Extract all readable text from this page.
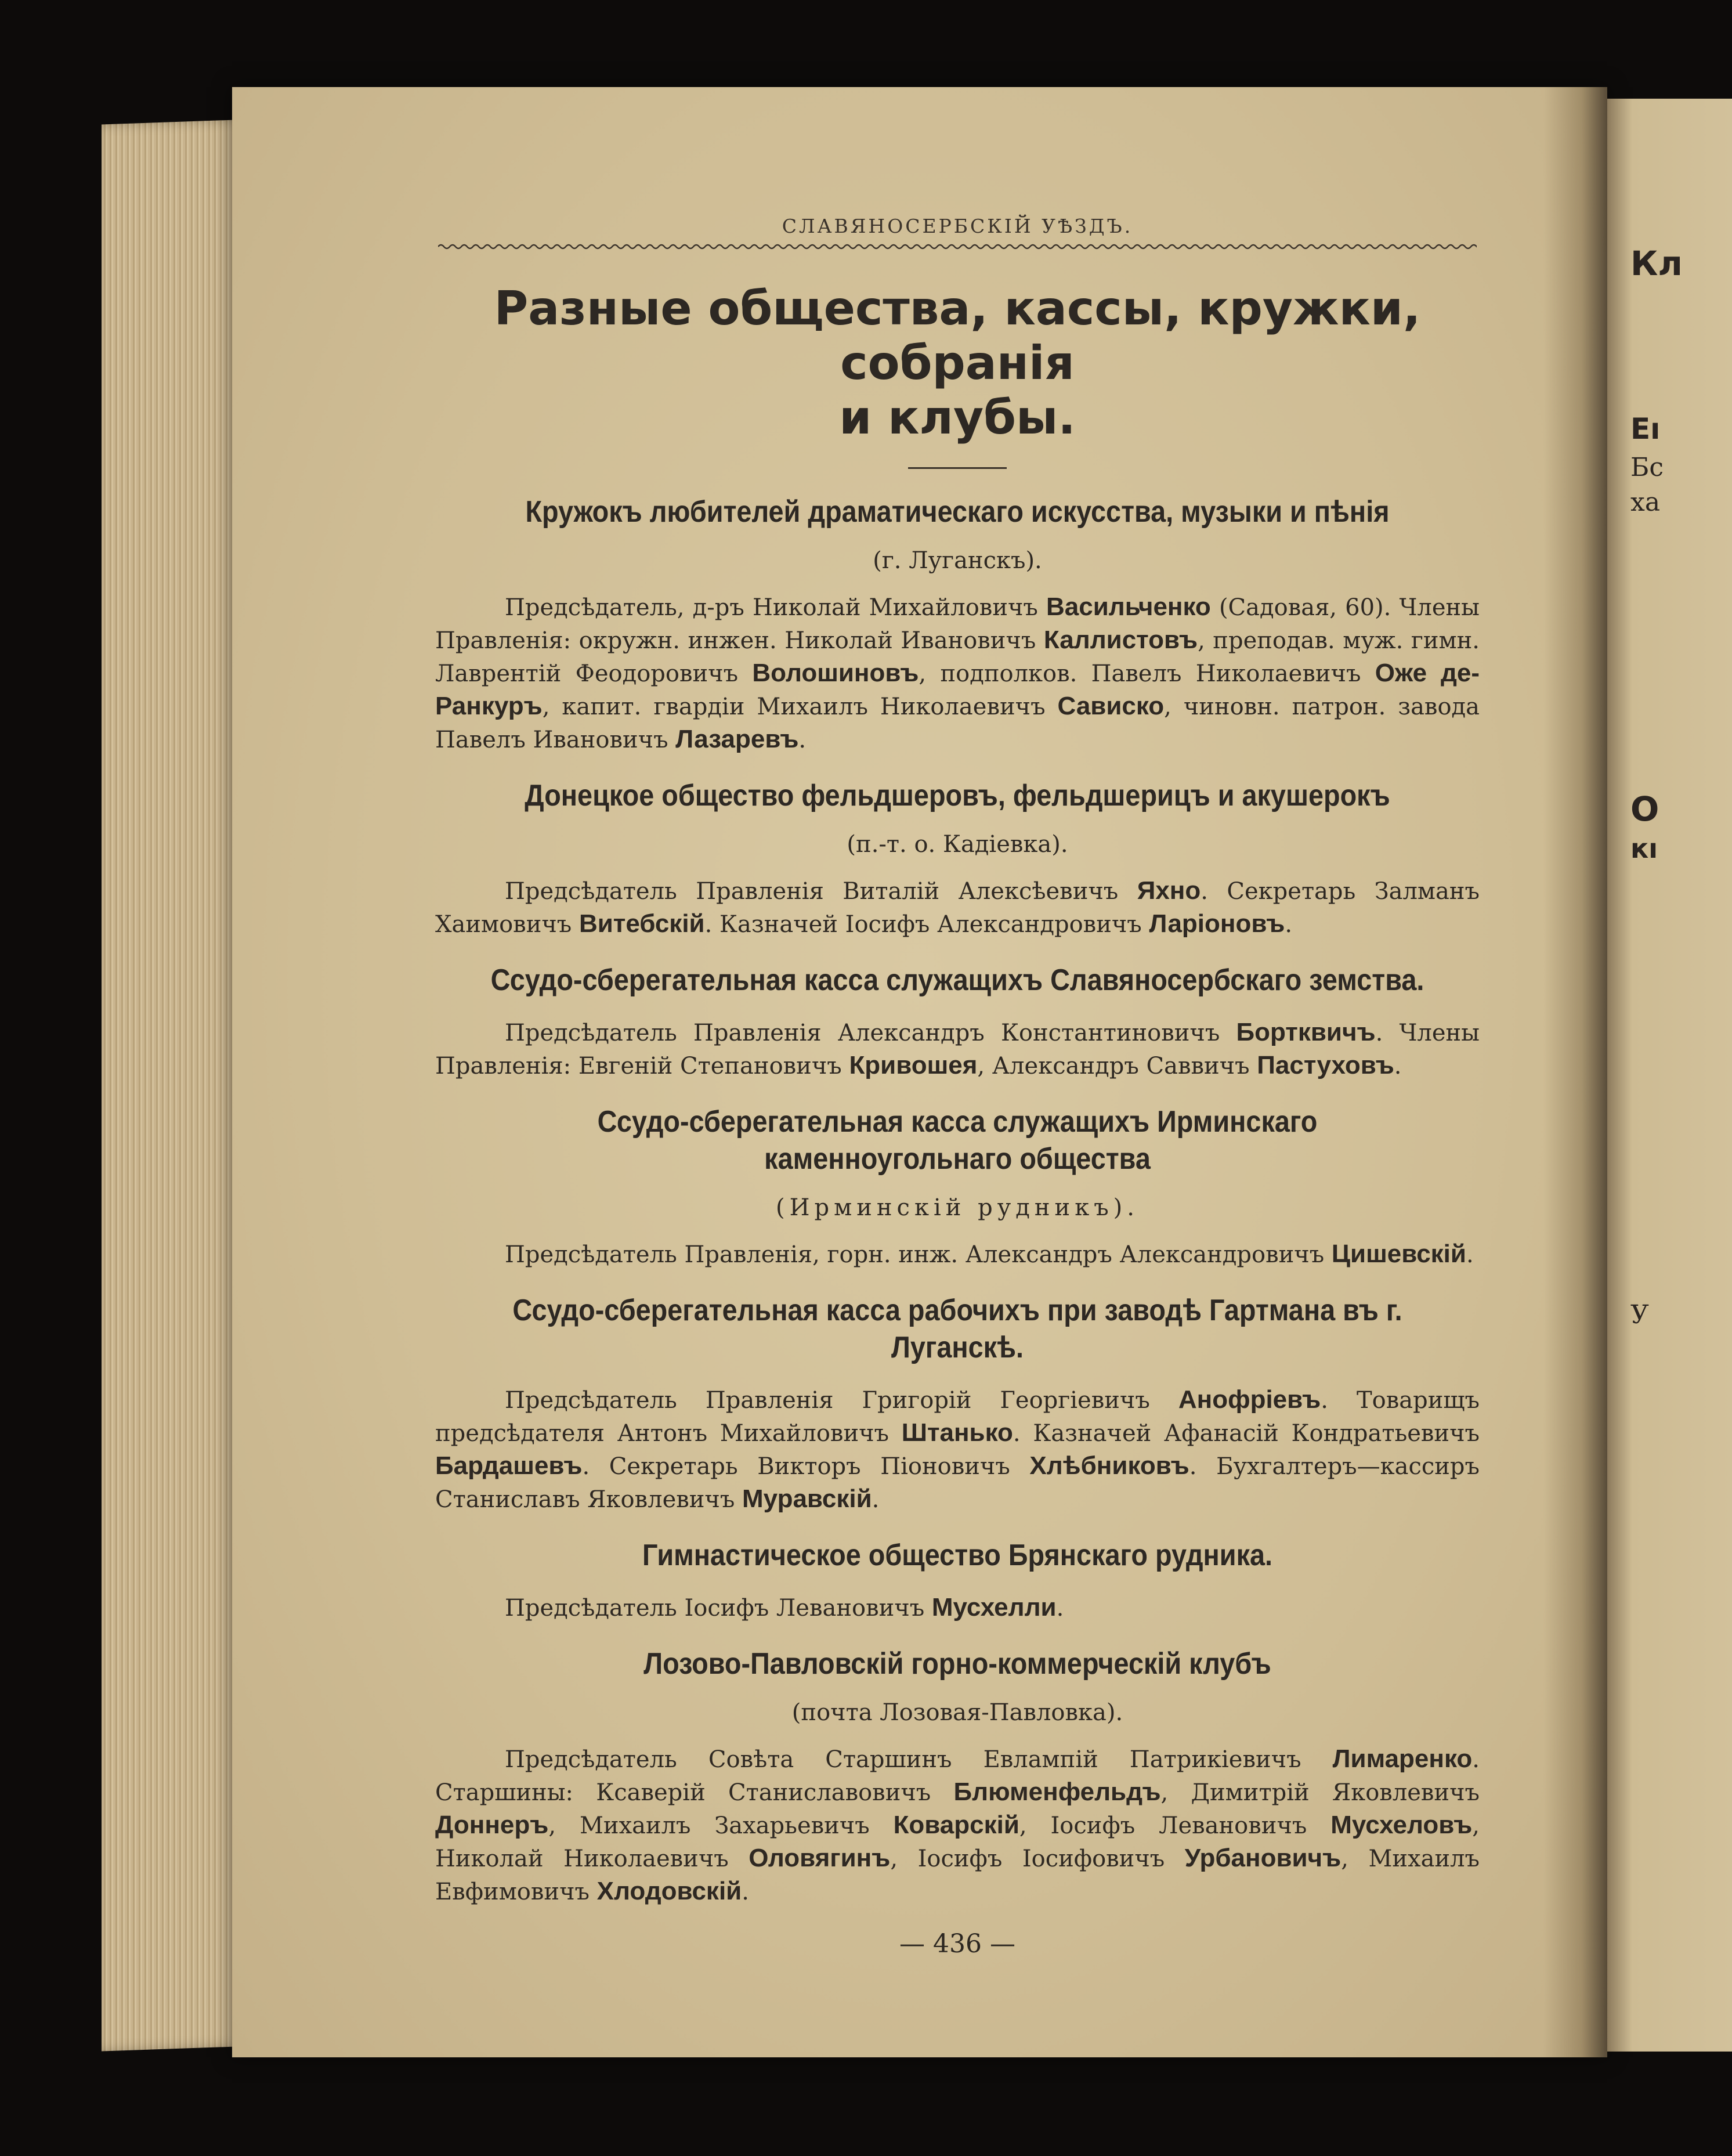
Кл
Еı
Бс
ха
О
кı
У
СЛАВЯНОСЕРБСКІЙ УѢЗДЪ.
Разные общества, кассы, кружки, собранія
и клубы.
Кружокъ любителей драматическаго искусства, музыки и пѣнія
(г. Луганскъ).

Предсѣдатель, д-ръ Николай Михайловичъ Васильченко (Садовая, 60). Члены Правленія: окружн. инжен. Николай Ивановичъ Каллистовъ, преподав. муж. гимн. Лаврентій Феодоровичъ Волошиновъ, подполков. Павелъ Николаевичъ Оже де-Ранкуръ, капит. гвардіи Михаилъ Николаевичъ Сависко, чиновн. патрон. завода Павелъ Ивановичъ Лазаревъ.

Донецкое общество фельдшеровъ, фельдшерицъ и акушерокъ
(п.-т. о. Кадіевка).

Предсѣдатель Правленія Виталій Алексѣевичъ Яхно. Секретарь Залманъ Хаимовичъ Витебскій. Казначей Іосифъ Александровичъ Ларіоновъ.

Ссудо-сберегательная касса служащихъ Славяносербскаго земства.

Предсѣдатель Правленія Александръ Константиновичъ Бортквичъ. Члены Правленія: Евгеній Степановичъ Кривошея, Александръ Саввичъ Пастуховъ.

Ссудо-сберегательная касса служащихъ Ирминскаго каменноугольнаго общества
(Ирминскій рудникъ).

Предсѣдатель Правленія, горн. инж. Александръ Александровичъ Цишевскій.

Ссудо-сберегательная касса рабочихъ при заводѣ Гартмана въ г. Луганскѣ.

Предсѣдатель Правленія Григорій Георгіевичъ Анофріевъ. Товарищъ предсѣдателя Антонъ Михайловичъ Штанько. Казначей Афанасій Кондратьевичъ Бардашевъ. Секретарь Викторъ Піоновичъ Хлѣбниковъ. Бухгалтеръ—кассиръ Станиславъ Яковлевичъ Муравскій.

Гимнастическое общество Брянскаго рудника.

Предсѣдатель Іосифъ Левановичъ Мусхелли.

Лозово-Павловскій горно-коммерческій клубъ
(почта Лозовая-Павловка).

Предсѣдатель Совѣта Старшинъ Евлампій Патрикіевичъ Лимаренко. Старшины: Ксаверій Станиславовичъ Блюменфельдъ, Димитрій Яковлевичъ Доннеръ, Михаилъ Захарьевичъ Коварскій, Іосифъ Левановичъ Мусхеловъ, Николай Николаевичъ Оловягинъ, Іосифъ Іосифовичъ Урбановичъ, Михаилъ Евфимовичъ Хлодовскій.

— 436 —
